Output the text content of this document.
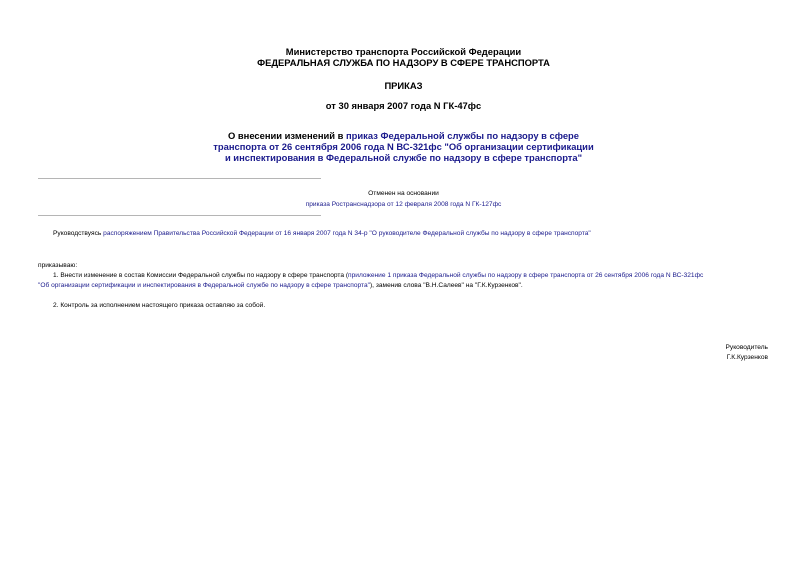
Министерство транспорта Российской Федерации
ФЕДЕРАЛЬНАЯ СЛУЖБА ПО НАДЗОРУ В СФЕРЕ ТРАНСПОРТА
ПРИКАЗ
от 30 января 2007 года N ГК-47фс
О внесении изменений в приказ Федеральной службы по надзору в сфере
транспорта от 26 сентября 2006 года N ВС-321фс "Об организации сертификации
и инспектирования в Федеральной службе по надзору в сфере транспорта"
Отменен на основании
приказа Ространснадзора от 12 февраля 2008 года N ГК-127фс
Руководствуясь распоряжением Правительства Российской Федерации от 16 января 2007 года N 34-р "О руководителе Федеральной службы по надзору в сфере транспорта"
приказываю:
1. Внести изменение в состав Комиссии Федеральной службы по надзору в сфере транспорта (приложение 1 приказа Федеральной службы по надзору в сфере транспорта от 26 сентября 2006 года N ВС-321фс
"Об организации сертификации и инспектирования в Федеральной службе по надзору в сфере транспорта"), заменив слова "В.Н.Салеев" на "Г.К.Курзенков".
2. Контроль за исполнением настоящего приказа оставляю за собой.
Руководитель
Г.К.Курзенков
